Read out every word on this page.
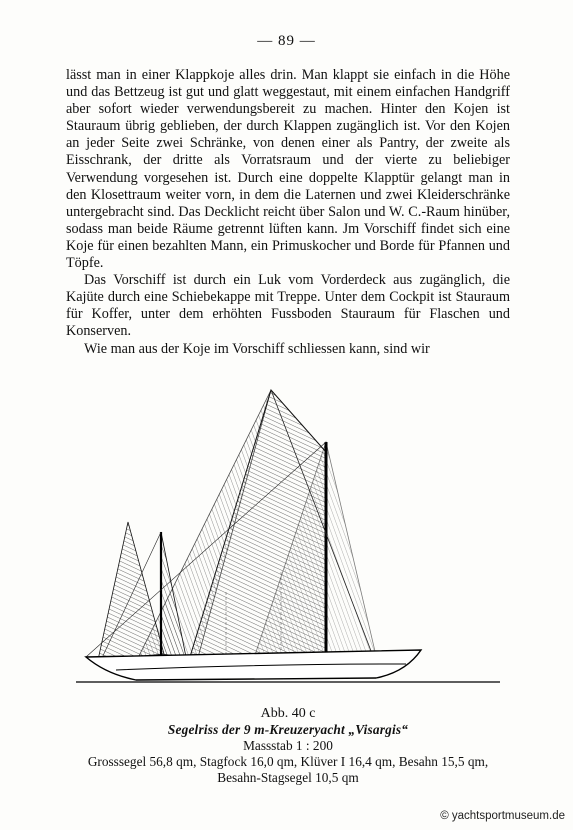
— 89 —

lässt man in einer Klappkoje alles drin. Man klappt sie einfach in die Höhe und das Bettzeug ist gut und glatt weggestaut, mit einem einfachen Handgriff aber sofort wieder verwendungsbereit zu machen. Hinter den Kojen ist Stauraum übrig geblieben, der durch Klappen zugänglich ist. Vor den Kojen an jeder Seite zwei Schränke, von denen einer als Pantry, der zweite als Eisschrank, der dritte als Vorratsraum und der vierte zu beliebiger Verwendung vorgesehen ist. Durch eine doppelte Klapptür gelangt man in den Klosettraum weiter vorn, in dem die Laternen und zwei Kleiderschränke untergebracht sind. Das Decklicht reicht über Salon und W. C.-Raum hinüber, sodass man beide Räume getrennt lüften kann. Jm Vorschiff findet sich eine Koje für einen bezahlten Mann, ein Primuskocher und Borde für Pfannen und Töpfe.

Das Vorschiff ist durch ein Luk vom Vorderdeck aus zugänglich, die Kajüte durch eine Schiebekappe mit Treppe. Unter dem Cockpit ist Stauraum für Koffer, unter dem erhöhten Fussboden Stauraum für Flaschen und Konserven.

Wie man aus der Koje im Vorschiff schliessen kann, sind wir

Abb. 40 c
Segelriss der 9 m-Kreuzeryacht „Visargis“
Massstab 1 : 200
Grosssegel 56,8 qm, Stagfock 16,0 qm, Klüver I 16,4 qm, Besahn 15,5 qm,
Besahn-Stagsegel 10,5 qm
© yachtsportmuseum.de
